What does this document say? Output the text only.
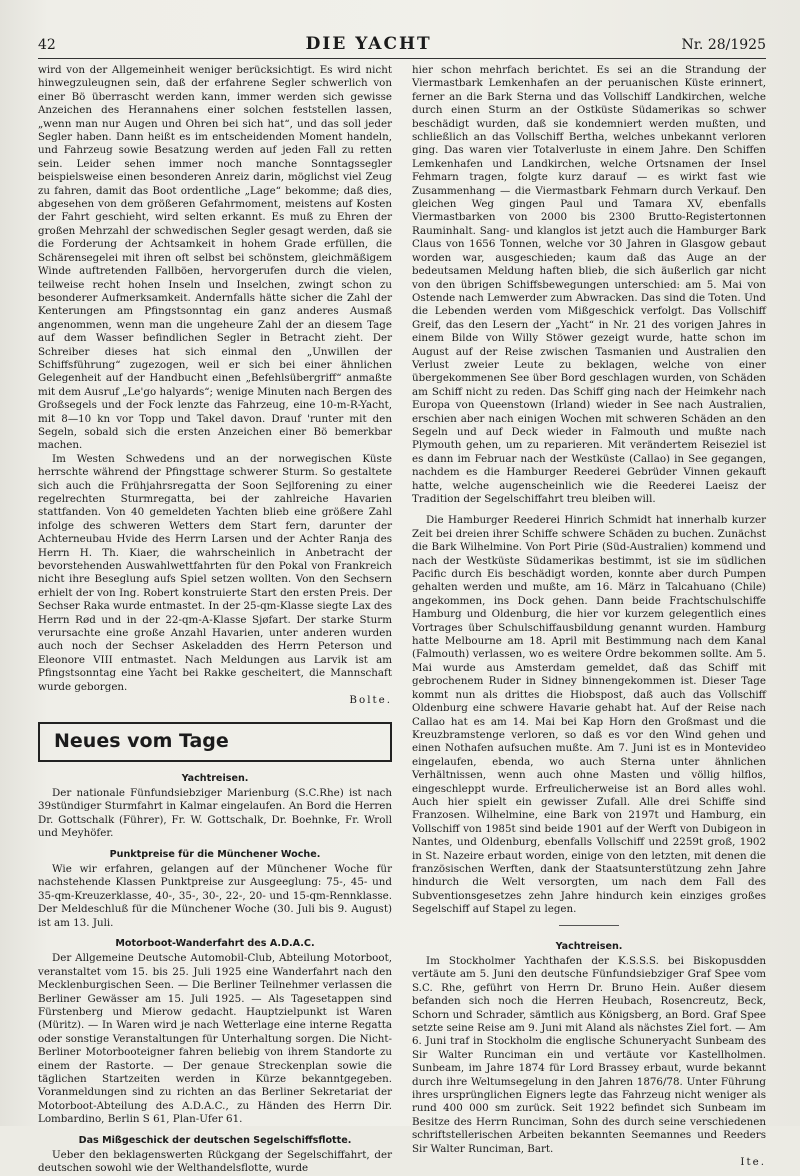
42	DIE YACHT	Nr. 28/1925

wird von der Allgemeinheit weniger berücksichtigt. Es wird nicht hinwegzuleugnen sein, daß der erfahrene Segler schwerlich von einer Bö überrascht werden kann, immer werden sich gewisse Anzeichen des Herannahens einer solchen feststellen lassen, „wenn man nur Augen und Ohren bei sich hat“, und das soll jeder Segler haben. Dann heißt es im entscheidenden Moment handeln, und Fahrzeug sowie Besatzung werden auf jeden Fall zu retten sein. Leider sehen immer noch manche Sonntagssegler beispielsweise einen besonderen Anreiz darin, möglichst viel Zeug zu fahren, damit das Boot ordentliche „Lage“ bekomme; daß dies, abgesehen von dem größeren Gefahrmoment, meistens auf Kosten der Fahrt geschieht, wird selten erkannt. Es muß zu Ehren der großen Mehrzahl der schwedischen Segler gesagt werden, daß sie die Forderung der Achtsamkeit in hohem Grade erfüllen, die Schärensegelei mit ihren oft selbst bei schönstem, gleichmäßigem Winde auftretenden Fallböen, hervorgerufen durch die vielen, teilweise recht hohen Inseln und Inselchen, zwingt schon zu besonderer Aufmerksamkeit. Andernfalls hätte sicher die Zahl der Kenterungen am Pfingstsonntag ein ganz anderes Ausmaß angenommen, wenn man die ungeheure Zahl der an diesem Tage auf dem Wasser befindlichen Segler in Betracht zieht. Der Schreiber dieses hat sich einmal den „Unwillen der Schiffsführung“ zugezogen, weil er sich bei einer ähnlichen Gelegenheit auf der Handbucht einen „Befehlsübergriff“ anmaßte mit dem Ausruf „Le'go halyards“; wenige Minuten nach Bergen des Großsegels und der Fock lenzte das Fahrzeug, eine 10-m-R-Yacht, mit 8—10 kn vor Topp und Takel davon. Drauf 'runter mit den Segeln, sobald sich die ersten Anzeichen einer Bö bemerkbar machen.

Im Westen Schwedens und an der norwegischen Küste herrschte während der Pfingsttage schwerer Sturm. So gestaltete sich auch die Frühjahrsregatta der Soon Sejlforening zu einer regelrechten Sturmregatta, bei der zahlreiche Havarien stattfanden. Von 40 gemeldeten Yachten blieb eine größere Zahl infolge des schweren Wetters dem Start fern, darunter der Achterneubau Hvide des Herrn Larsen und der Achter Ranja des Herrn H. Th. Kiaer, die wahrscheinlich in Anbetracht der bevorstehenden Auswahlwettfahrten für den Pokal von Frankreich nicht ihre Beseglung aufs Spiel setzen wollten. Von den Sechsern erhielt der von Ing. Robert konstruierte Start den ersten Preis. Der Sechser Raka wurde entmastet. In der 25-qm-Klasse siegte Lax des Herrn Rød und in der 22-qm-A-Klasse Sjøfart. Der starke Sturm verursachte eine große Anzahl Havarien, unter anderen wurden auch noch der Sechser Askeladden des Herrn Peterson und Eleonore VIII entmastet. Nach Meldungen aus Larvik ist am Pfingstsonntag eine Yacht bei Rakke gescheitert, die Mannschaft wurde geborgen.

Bolte.
Neues vom Tage
Yachtreisen.

Der nationale Fünfundsiebziger Marienburg (S.C.Rhe) ist nach 39stündiger Sturmfahrt in Kalmar eingelaufen. An Bord die Herren Dr. Gottschalk (Führer), Fr. W. Gottschalk, Dr. Boehnke, Fr. Wroll und Meyhöfer.

Punktpreise für die Münchener Woche.

Wie wir erfahren, gelangen auf der Münchener Woche für nachstehende Klassen Punktpreise zur Ausgeeglung: 75-, 45- und 35-qm-Kreuzerklasse, 40-, 35-, 30-, 22-, 20- und 15-qm-Rennklasse. Der Meldeschluß für die Münchener Woche (30. Juli bis 9. August) ist am 13. Juli.

Motorboot-Wanderfahrt des A.D.A.C.

Der Allgemeine Deutsche Automobil-Club, Abteilung Motorboot, veranstaltet vom 15. bis 25. Juli 1925 eine Wanderfahrt nach den Mecklenburgischen Seen. — Die Berliner Teilnehmer verlassen die Berliner Gewässer am 15. Juli 1925. — Als Tagesetappen sind Fürstenberg und Mierow gedacht. Hauptzielpunkt ist Waren (Müritz). — In Waren wird je nach Wetterlage eine interne Regatta oder sonstige Veranstaltungen für Unterhaltung sorgen. Die Nicht-Berliner Motorbooteigner fahren beliebig von ihrem Standorte zu einem der Rastorte. — Der genaue Streckenplan sowie die täglichen Startzeiten werden in Kürze bekanntgegeben. Voranmeldungen sind zu richten an das Berliner Sekretariat der Motorboot-Abteilung des A.D.A.C., zu Händen des Herrn Dir. Lombardino, Berlin S 61, Plan-Ufer 61.

Das Mißgeschick der deutschen Segelschiffsflotte.

Ueber den beklagenswerten Rückgang der Segelschiffahrt, der deutschen sowohl wie der Welthandelsflotte, wurde

hier schon mehrfach berichtet. Es sei an die Strandung der Viermastbark Lemkenhafen an der peruanischen Küste erinnert, ferner an die Bark Sterna und das Vollschiff Landkirchen, welche durch einen Sturm an der Ostküste Südamerikas so schwer beschädigt wurden, daß sie kondemniert werden mußten, und schließlich an das Vollschiff Bertha, welches unbekannt verloren ging. Das waren vier Totalverluste in einem Jahre. Den Schiffen Lemkenhafen und Landkirchen, welche Ortsnamen der Insel Fehmarn tragen, folgte kurz darauf — es wirkt fast wie Zusammenhang — die Viermastbark Fehmarn durch Verkauf. Den gleichen Weg gingen Paul und Tamara XV, ebenfalls Viermastbarken von 2000 bis 2300 Brutto-Registertonnen Rauminhalt. Sang- und klanglos ist jetzt auch die Hamburger Bark Claus von 1656 Tonnen, welche vor 30 Jahren in Glasgow gebaut worden war, ausgeschieden; kaum daß das Auge an der bedeutsamen Meldung haften blieb, die sich äußerlich gar nicht von den übrigen Schiffsbewegungen unterschied: am 5. Mai von Ostende nach Lemwerder zum Abwracken. Das sind die Toten. Und die Lebenden werden vom Mißgeschick verfolgt. Das Vollschiff Greif, das den Lesern der „Yacht“ in Nr. 21 des vorigen Jahres in einem Bilde von Willy Stöwer gezeigt wurde, hatte schon im August auf der Reise zwischen Tasmanien und Australien den Verlust zweier Leute zu beklagen, welche von einer übergekommenen See über Bord geschlagen wurden, von Schäden am Schiff nicht zu reden. Das Schiff ging nach der Heimkehr nach Europa von Queenstown (Irland) wieder in See nach Australien, erschien aber nach einigen Wochen mit schweren Schäden an den Segeln und auf Deck wieder in Falmouth und mußte nach Plymouth gehen, um zu reparieren. Mit verändertem Reiseziel ist es dann im Februar nach der Westküste (Callao) in See gegangen, nachdem es die Hamburger Reederei Gebrüder Vinnen gekauft hatte, welche augenscheinlich wie die Reederei Laeisz der Tradition der Segelschiffahrt treu bleiben will.

Die Hamburger Reederei Hinrich Schmidt hat innerhalb kurzer Zeit bei dreien ihrer Schiffe schwere Schäden zu buchen. Zunächst die Bark Wilhelmine. Von Port Pirie (Süd-Australien) kommend und nach der Westküste Südamerikas bestimmt, ist sie im südlichen Pacific durch Eis beschädigt worden, konnte aber durch Pumpen gehalten werden und mußte, am 16. März in Talcahuano (Chile) angekommen, ins Dock gehen. Dann beide Frachtschulschiffe Hamburg und Oldenburg, die hier vor kurzem gelegentlich eines Vortrages über Schulschiffausbildung genannt wurden. Hamburg hatte Melbourne am 18. April mit Bestimmung nach dem Kanal (Falmouth) verlassen, wo es weitere Ordre bekommen sollte. Am 5. Mai wurde aus Amsterdam gemeldet, daß das Schiff mit gebrochenem Ruder in Sidney binnengekommen ist. Dieser Tage kommt nun als drittes die Hiobspost, daß auch das Vollschiff Oldenburg eine schwere Havarie gehabt hat. Auf der Reise nach Callao hat es am 14. Mai bei Kap Horn den Großmast und die Kreuzbramstenge verloren, so daß es vor den Wind gehen und einen Nothafen aufsuchen mußte. Am 7. Juni ist es in Montevideo eingelaufen, ebenda, wo auch Sterna unter ähnlichen Verhältnissen, wenn auch ohne Masten und völlig hilflos, eingeschleppt wurde. Erfreulicherweise ist an Bord alles wohl. Auch hier spielt ein gewisser Zufall. Alle drei Schiffe sind Franzosen. Wilhelmine, eine Bark von 2197t und Hamburg, ein Vollschiff von 1985t sind beide 1901 auf der Werft von Dubigeon in Nantes, und Oldenburg, ebenfalls Vollschiff und 2259t groß, 1902 in St. Nazeire erbaut worden, einige von den letzten, mit denen die französischen Werften, dank der Staatsunterstützung zehn Jahre hindurch die Welt versorgten, um nach dem Fall des Subventionsgesetzes zehn Jahre hindurch kein einziges großes Segelschiff auf Stapel zu legen.

Yachtreisen.

Im Stockholmer Yachthafen der K.S.S.S. bei Biskopusdden vertäute am 5. Juni den deutsche Fünfundsiebziger Graf Spee vom S.C. Rhe, geführt von Herrn Dr. Bruno Hein. Außer diesem befanden sich noch die Herren Heubach, Rosencreutz, Beck, Schorn und Schrader, sämtlich aus Königsberg, an Bord. Graf Spee setzte seine Reise am 9. Juni mit Aland als nächstes Ziel fort. — Am 6. Juni traf in Stockholm die englische Schuneryacht Sunbeam des Sir Walter Runciman ein und vertäute vor Kastellholmen. Sunbeam, im Jahre 1874 für Lord Brassey erbaut, wurde bekannt durch ihre Weltumsegelung in den Jahren 1876/78. Unter Führung ihres ursprünglichen Eigners legte das Fahrzeug nicht weniger als rund 400 000 sm zurück. Seit 1922 befindet sich Sunbeam im Besitze des Herrn Runciman, Sohn des durch seine verschiedenen schriftstellerischen Arbeiten bekannten Seemannes und Reeders Sir Walter Runciman, Bart.

Ite.
